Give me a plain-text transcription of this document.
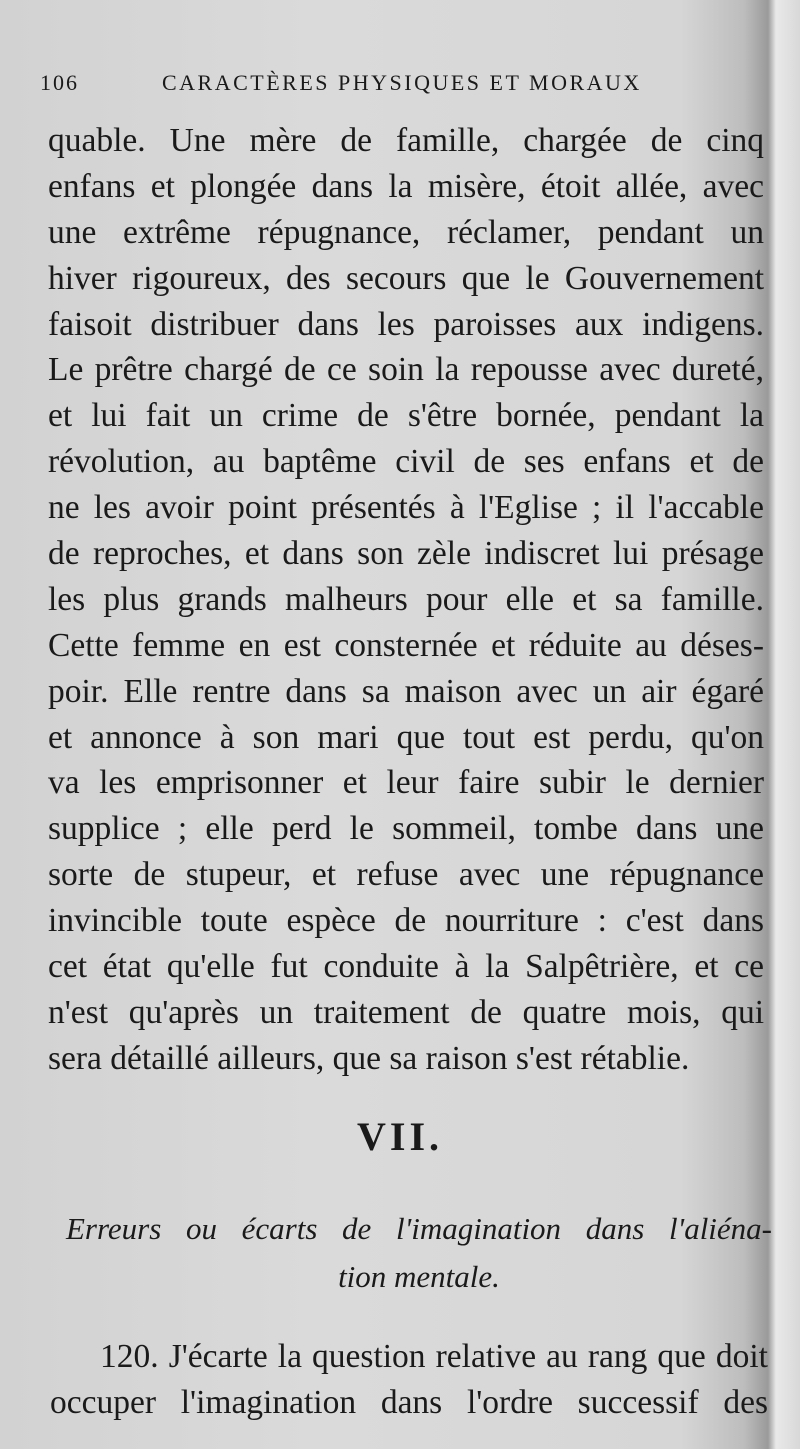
106	CARACTÈRES PHYSIQUES ET MORAUX
quable. Une mère de famille, chargée de cinq
enfans et plongée dans la misère, étoit allée, avec
une extrême répugnance, réclamer, pendant un
hiver rigoureux, des secours que le Gouvernement
faisoit distribuer dans les paroisses aux indigens.
Le prêtre chargé de ce soin la repousse avec dureté,
et lui fait un crime de s'être bornée, pendant la
révolution, au baptême civil de ses enfans et de
ne les avoir point présentés à l'Eglise ; il l'accable
de reproches, et dans son zèle indiscret lui présage
les plus grands malheurs pour elle et sa famille.
Cette femme en est consternée et réduite au déses-
poir. Elle rentre dans sa maison avec un air égaré
et annonce à son mari que tout est perdu, qu'on
va les emprisonner et leur faire subir le dernier
supplice ; elle perd le sommeil, tombe dans une
sorte de stupeur, et refuse avec une répugnance
invincible toute espèce de nourriture : c'est dans
cet état qu'elle fut conduite à la Salpêtrière, et ce
n'est qu'après un traitement de quatre mois, qui
sera détaillé ailleurs, que sa raison s'est rétablie.
VII.
Erreurs ou écarts de l'imagination dans l'aliéna-
tion mentale.
120. J'écarte la question relative au rang que doit
occuper l'imagination dans l'ordre successif des
